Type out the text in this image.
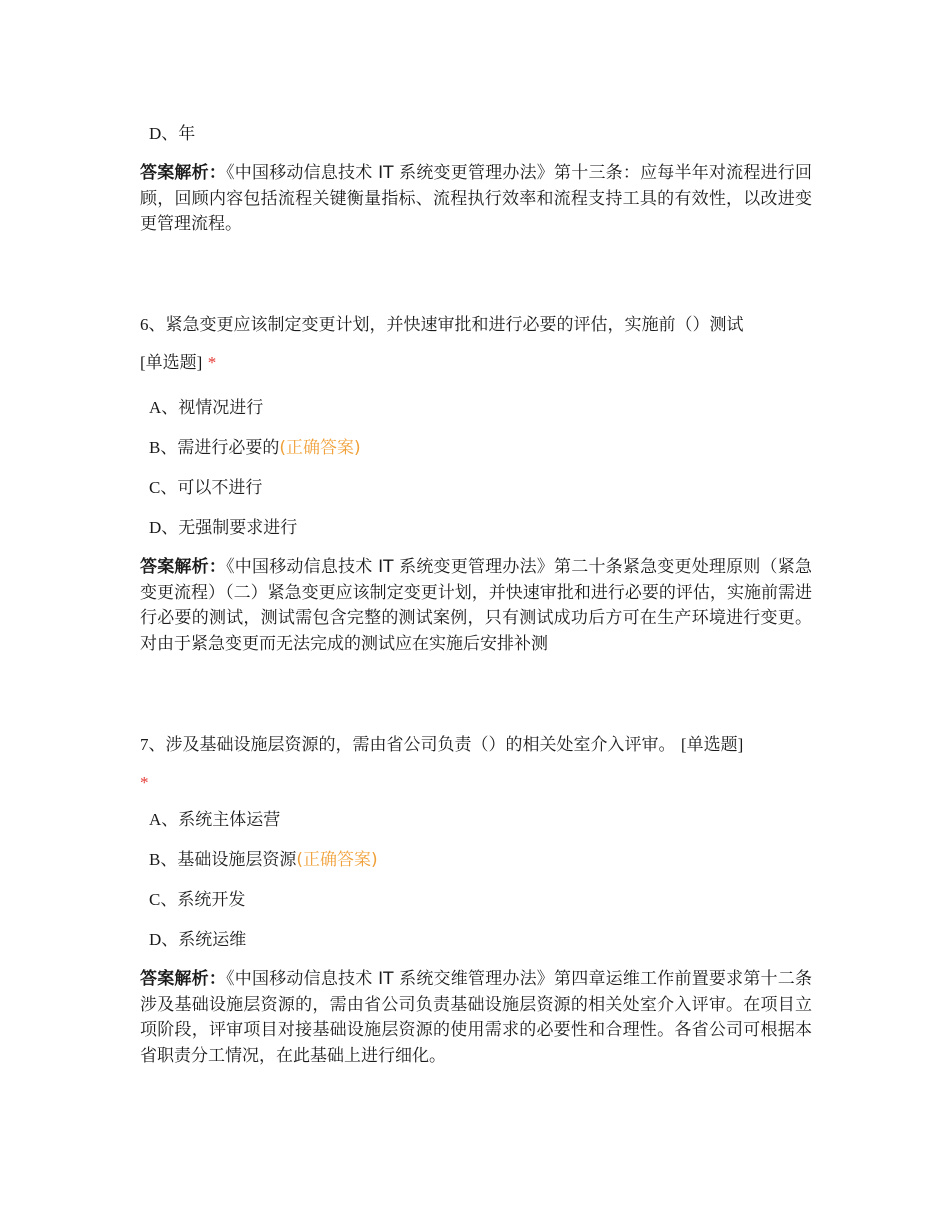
D、年
答案解析：《中国移动信息技术 IT 系统变更管理办法》第十三条：应每半年对流程进行回顾，回顾内容包括流程关键衡量指标、流程执行效率和流程支持工具的有效性，以改进变更管理流程。
6、紧急变更应该制定变更计划，并快速审批和进行必要的评估，实施前（）测试
[单选题] *
A、视情况进行
B、需进行必要的(正确答案)
C、可以不进行
D、无强制要求进行
答案解析：《中国移动信息技术 IT 系统变更管理办法》第二十条紧急变更处理原则（紧急变更流程）（二）紧急变更应该制定变更计划，并快速审批和进行必要的评估，实施前需进行必要的测试，测试需包含完整的测试案例，只有测试成功后方可在生产环境进行变更。对由于紧急变更而无法完成的测试应在实施后安排补测
7、涉及基础设施层资源的，需由省公司负责（）的相关处室介入评审。 [单选题]
*
A、系统主体运营
B、基础设施层资源(正确答案)
C、系统开发
D、系统运维
答案解析：《中国移动信息技术 IT 系统交维管理办法》第四章运维工作前置要求第十二条涉及基础设施层资源的，需由省公司负责基础设施层资源的相关处室介入评审。在项目立项阶段，评审项目对接基础设施层资源的使用需求的必要性和合理性。各省公司可根据本省职责分工情况，在此基础上进行细化。
